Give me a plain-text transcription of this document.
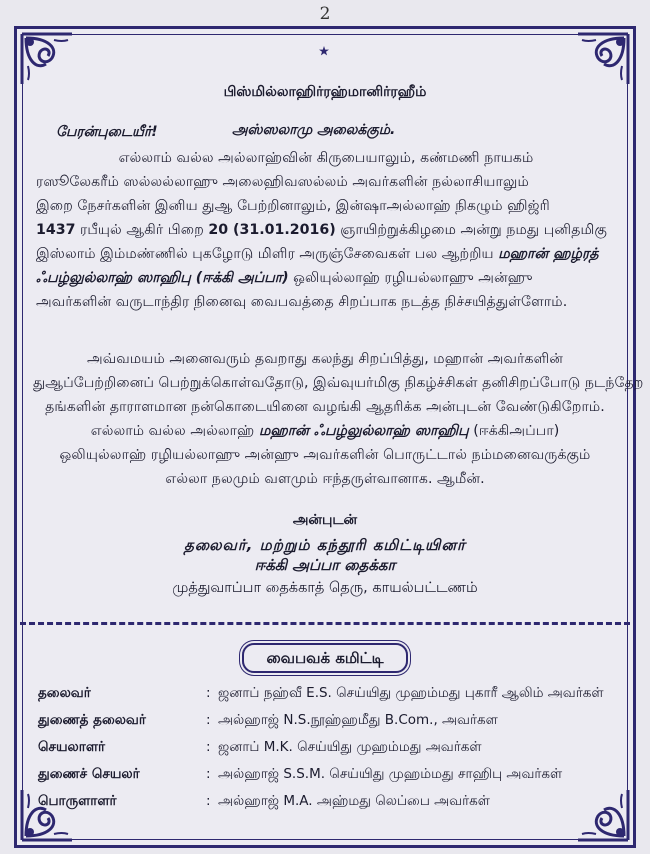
2
பிஸ்மில்லாஹிர்ரஹ்மானிர்ரஹீம்
பேரன்புடையீர்!	அஸ்ஸலாமு அலைக்கும்.
எல்லாம் வல்ல அல்லாஹ்வின் கிருபையாலும், கண்மணி நாயகம்
ரஸூலேகரீம் ஸல்லல்லாஹு அலைஹிவஸல்லம் அவர்களின் நல்லாசியாலும்
இறை நேசர்களின் இனிய துஆ பேற்றினாலும், இன்ஷாஅல்லாஹ் நிகழும் ஹிஜ்ரி
1437 ரபீயுல் ஆகிர் பிறை 20 (31.01.2016) ஞாயிற்றுக்கிழமை அன்று நமது புனிதமிகு
இஸ்லாம் இம்மண்ணில் புகழோடு மிளிர அருஞ்சேவைகள் பல ஆற்றிய மஹான் ஹழ்ரத்
ஃபழ்லுல்லாஹ் ஸாஹிபு (ஈக்கி அப்பா) ஒலியுல்லாஹ் ரழியல்லாஹு அன்ஹு
அவர்களின் வருடாந்திர நினைவு வைபவத்தை சிறப்பாக நடத்த நிச்சயித்துள்ளோம்.
அவ்வமயம் அனைவரும் தவறாது கலந்து சிறப்பித்து, மஹான் அவர்களின்
துஆப்பேற்றினைப் பெற்றுக்கொள்வதோடு, இவ்வுயர்மிகு நிகழ்ச்சிகள் தனிசிறப்போடு நடந்தேற
தங்களின் தாராளமான நன்கொடையினை வழங்கி ஆதரிக்க அன்புடன் வேண்டுகிறோம்.
எல்லாம் வல்ல அல்லாஹ் மஹான் ஃபழ்லுல்லாஹ் ஸாஹிபு (ஈக்கிஅப்பா)
ஒலியுல்லாஹ் ரழியல்லாஹு அன்ஹு அவர்களின் பொருட்டால் நம்மனைவருக்கும்
எல்லா நலமும் வளமும் ஈந்தருள்வானாக. ஆமீன்.
அன்புடன்
தலைவர், மற்றும் கந்தூரி கமிட்டியினர்
ஈக்கி அப்பா தைக்கா
முத்துவாப்பா தைக்காத் தெரு, காயல்பட்டணம்
வைபவக் கமிட்டி
தலைவர்	: ஜனாப் நஹ்வீ E.S. செய்யிது முஹம்மது புகாரீ ஆலிம் அவர்கள்
துணைத் தலைவர்	: அல்ஹாஜ் N.S.நூஹ்ஹமீது B.Com., அவர்கள
செயலாளர்	: ஜனாப் M.K. செய்யிது முஹம்மது அவர்கள்
துணைச் செயலர்	: அல்ஹாஜ் S.S.M. செய்யிது முஹம்மது சாஹிபு அவர்கள்
பொருளாளர்	: அல்ஹாஜ் M.A. அஹ்மது லெப்பை அவர்கள்
